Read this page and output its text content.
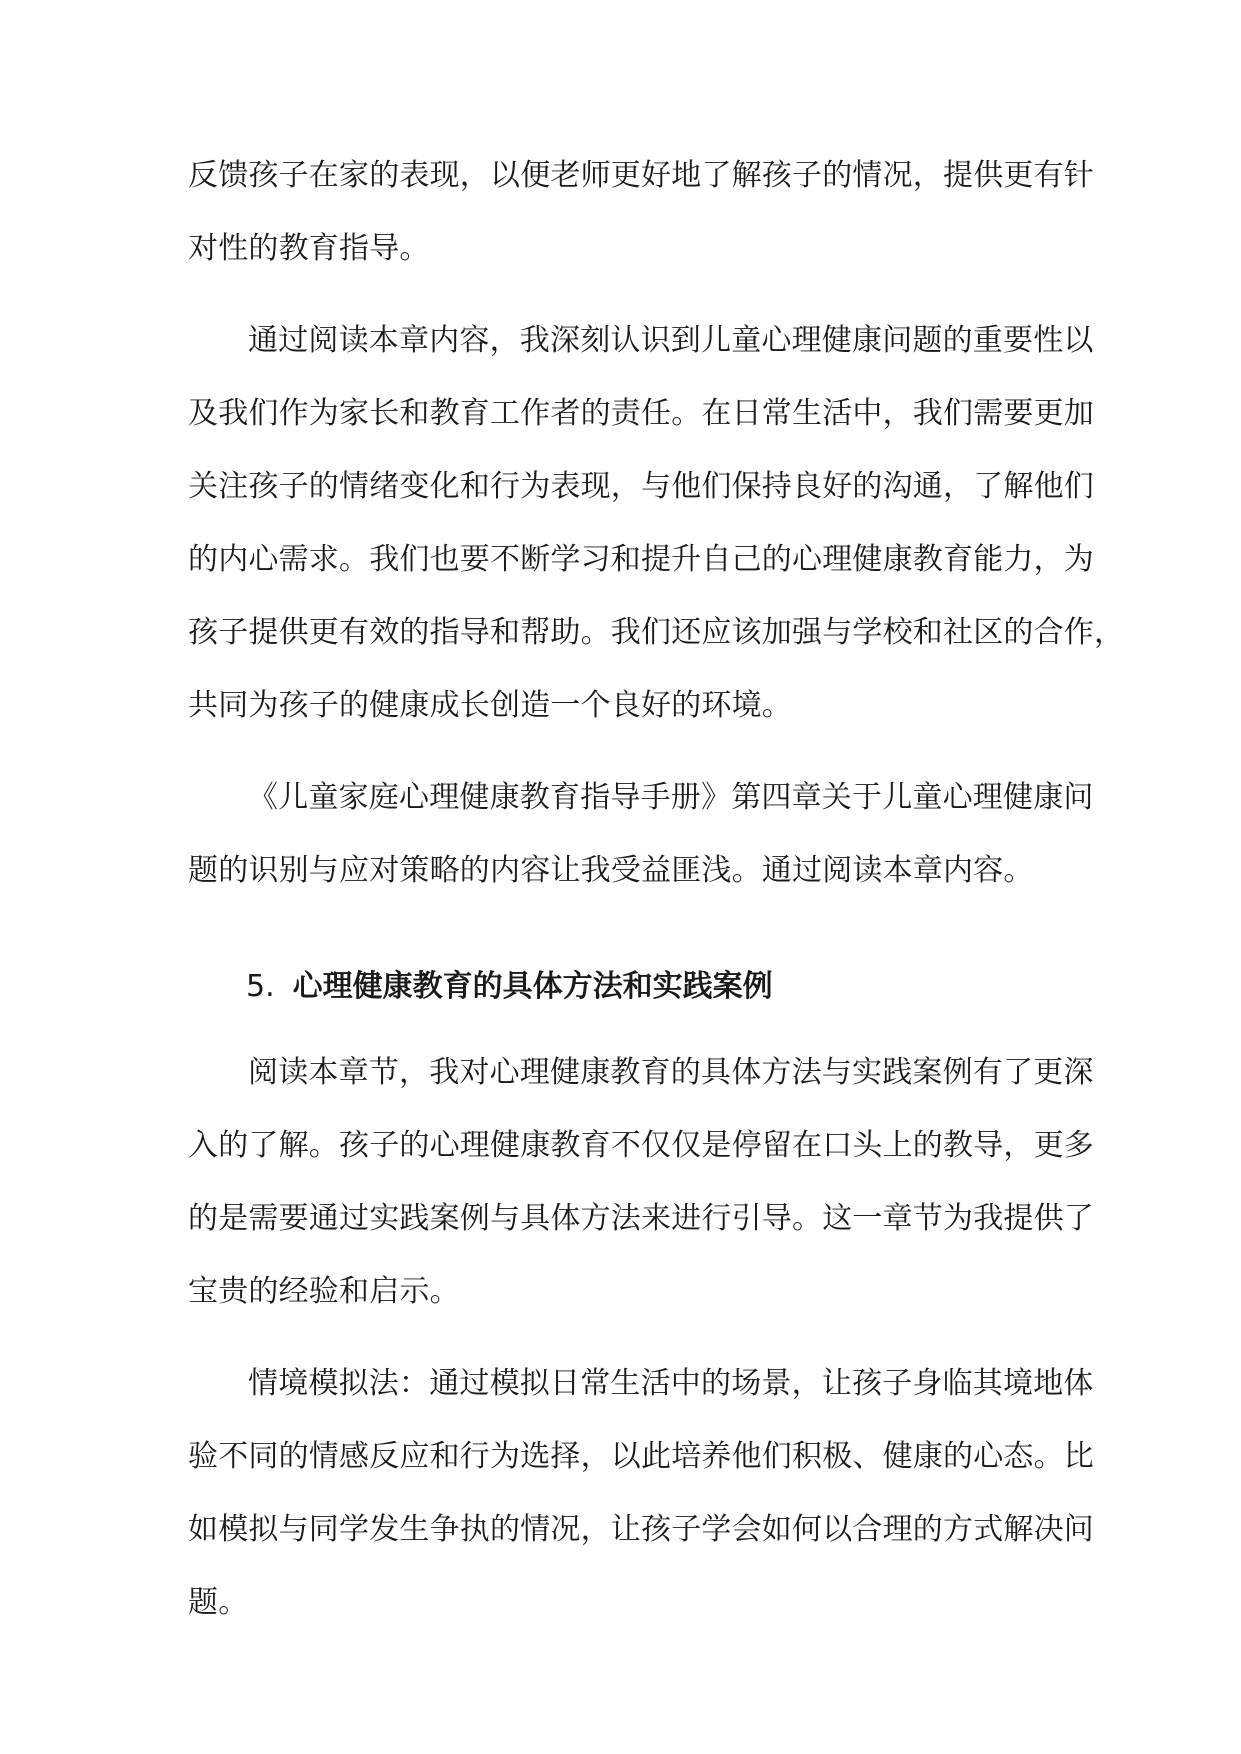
反馈孩子在家的表现，以便老师更好地了解孩子的情况，提供更有针
对性的教育指导。

通过阅读本章内容，我深刻认识到儿童心理健康问题的重要性以
及我们作为家长和教育工作者的责任。在日常生活中，我们需要更加
关注孩子的情绪变化和行为表现，与他们保持良好的沟通，了解他们
的内心需求。我们也要不断学习和提升自己的心理健康教育能力，为
孩子提供更有效的指导和帮助。我们还应该加强与学校和社区的合作，
共同为孩子的健康成长创造一个良好的环境。

《儿童家庭心理健康教育指导手册》第四章关于儿童心理健康问
题的识别与应对策略的内容让我受益匪浅。通过阅读本章内容。

5. 心理健康教育的具体方法和实践案例

阅读本章节，我对心理健康教育的具体方法与实践案例有了更深
入的了解。孩子的心理健康教育不仅仅是停留在口头上的教导，更多
的是需要通过实践案例与具体方法来进行引导。这一章节为我提供了
宝贵的经验和启示。

情境模拟法：通过模拟日常生活中的场景，让孩子身临其境地体
验不同的情感反应和行为选择，以此培养他们积极、健康的心态。比
如模拟与同学发生争执的情况，让孩子学会如何以合理的方式解决问
题。
